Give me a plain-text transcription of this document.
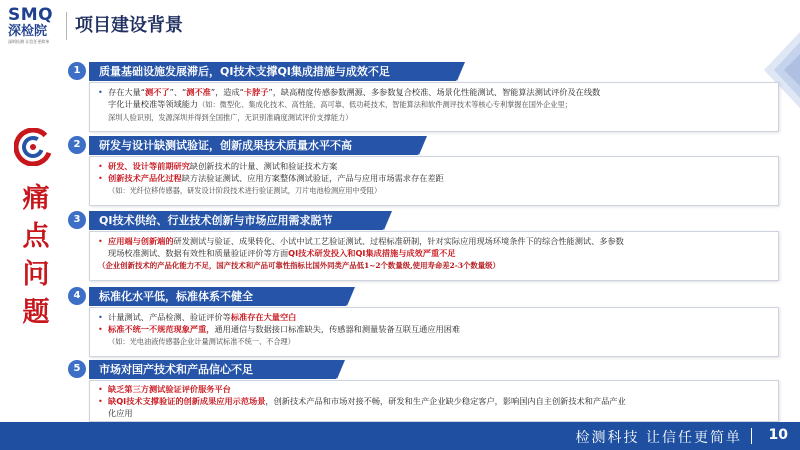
SMQ
深检院
深圳检测 让信任更简单
项目建设背景
痛
点
问
题
1	质量基础设施发展滞后，QI技术支撑QI集成措施与成效不足
• 存在大量“测不了”、“测不准”，造成“卡脖子”，缺高精度传感参数溯源、多参数复合校准、场景化性能测试、智能算法测试评价及在线数
字化计量校准等领域能力（如：微型化、集成化技术、高性能、高可靠、低功耗技术，智能算法和软件测评技术等核心专利掌握在国外企业里；
深圳人验识别，发源深圳并得到全国推广，无识别准确度测试评价支撑能力）
2	研发与设计缺测试验证，创新成果技术质量水平不高
• 研发、设计等前期研究缺创新技术的计量、测试和验证技术方案
• 创新技术产品化过程缺方法验证测试、应用方案整体测试验证，产品与应用市场需求存在差距
（如：光纤位移传感器，研发设计阶段技术进行验证测试，刀片电池检测应用中受阻）
3	QI技术供给、行业技术创新与市场应用需求脱节
• 应用端与创新端的研发测试与验证、成果转化、小试中试工艺验证测试、过程标准研制，针对实际应用现场环境条件下的综合性能测试、多参数
现场校准测试、数据有效性和质量验证评价等方面QI技术研发投入和QI集成措施与成效严重不足
（企业创新技术的产品化能力不足，国产技术和产品可靠性指标比国外同类产品低1~2个数量级,使用寿命差2-3个数量级）
4	标准化水平低，标准体系不健全
• 计量测试、产品检测、验证评价等标准存在大量空白
• 标准不统一不规范现象严重，通用通信与数据接口标准缺失，传感器和测量装备互联互通应用困难
（如：光电油液传感器企业计量测试标准不统一、不合理）
5	市场对国产技术和产品信心不足
• 缺乏第三方测试验证评价服务平台
• 缺QI技术支撑验证的创新成果应用示范场景，创新技术产品和市场对接不畅，研发和生产企业缺少稳定客户，影响国内自主创新技术和产品产业
化应用
检测科技 让信任更简单 10
